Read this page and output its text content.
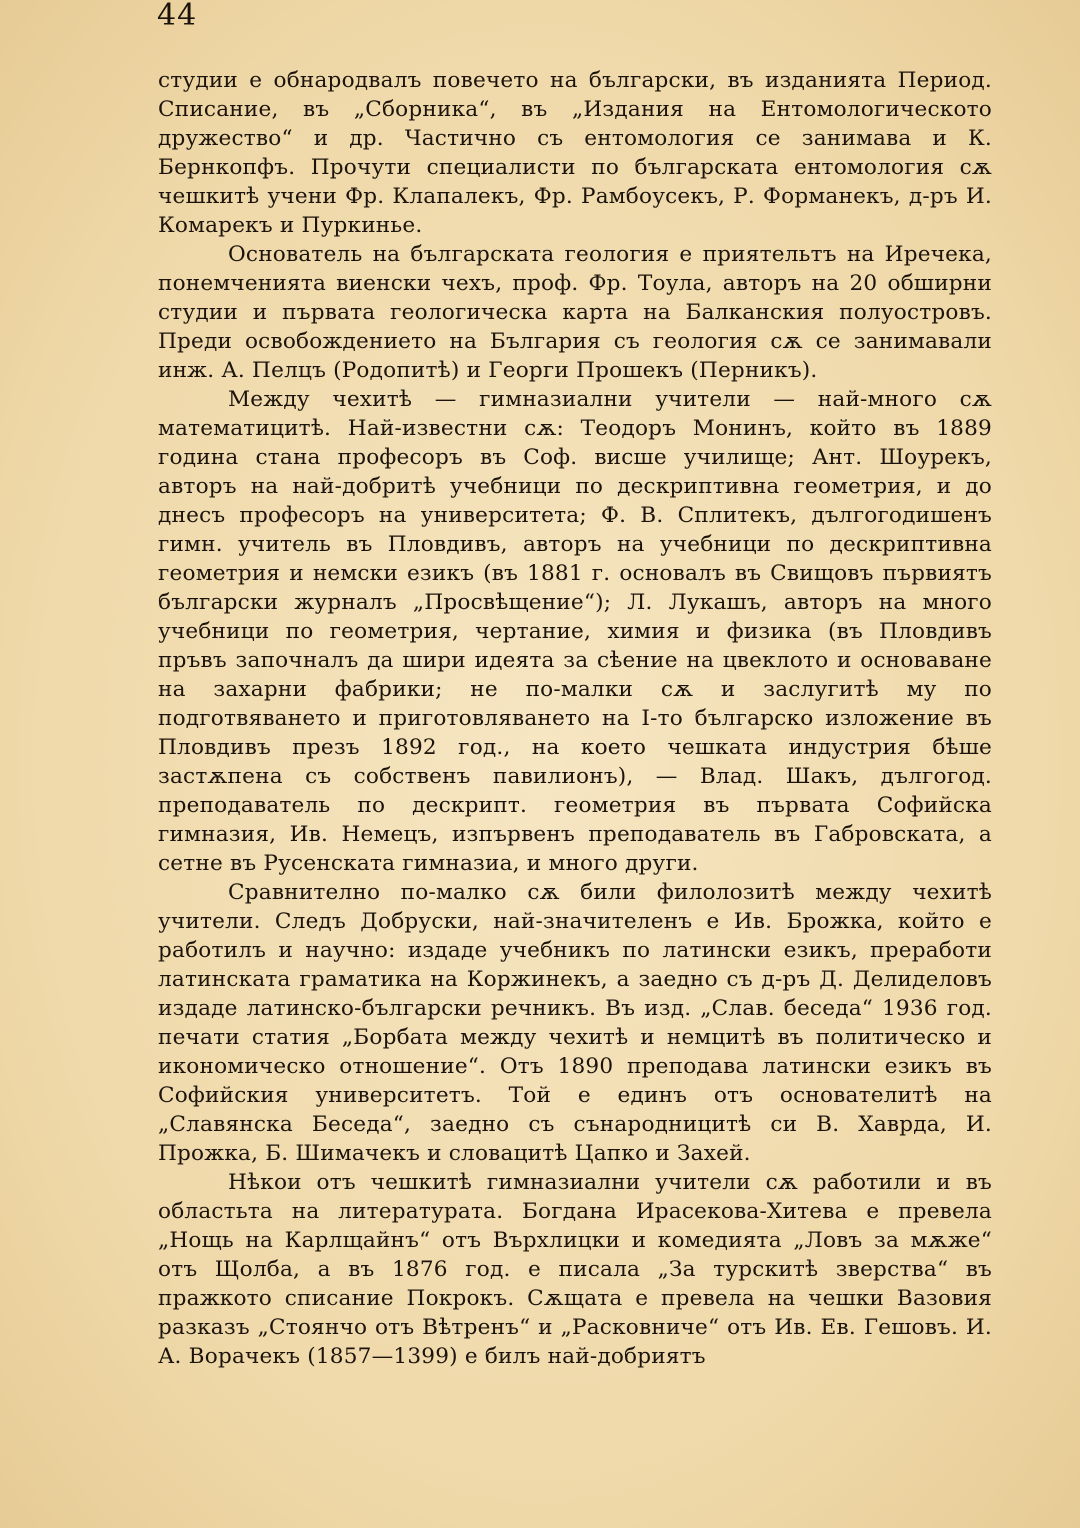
44

студии е обнародвалъ повечето на български, въ изданията Период. Списание, въ „Сборника“, въ „Издания на Ентомологическото дружество“ и др. Частично съ ентомология се занимава и К. Бернкопфъ. Прочути специалисти по българската ентомология сѫ чешкитѣ учени Фр. Клапалекъ, Фр. Рамбоусекъ, Р. Форманекъ, д-ръ И. Комарекъ и Пуркинье.

Основатель на българската геология е приятельтъ на Иречека, понемченията виенски чехъ, проф. Фр. Тоула, авторъ на 20 обширни студии и първата геологическа карта на Балканския полуостровъ. Преди освобождението на България съ геология сѫ се занимавали инж. А. Пелцъ (Родопитѣ) и Георги Прошекъ (Перникъ).

Между чехитѣ — гимназиални учители — най-много сѫ математицитѣ. Най-известни сѫ: Теодоръ Монинъ, който въ 1889 година стана професоръ въ Соф. висше училище; Ант. Шоурекъ, авторъ на най-добритѣ учебници по дескриптивна геометрия, и до днесъ професоръ на университета; Ф. В. Сплитекъ, дългогодишенъ гимн. учитель въ Пловдивъ, авторъ на учебници по дескриптивна геометрия и немски езикъ (въ 1881 г. основалъ въ Свищовъ първиятъ български журналъ „Просвѣщение“); Л. Лукашъ, авторъ на много учебници по геометрия, чертание, химия и физика (въ Пловдивъ пръвъ започналъ да шири идеята за сѣение на цвеклото и основаване на захарни фабрики; не по-малки сѫ и заслугитѣ му по подготвяването и приготовляването на I-то българско изложение въ Пловдивъ презъ 1892 год., на което чешката индустрия бѣше застѫпена съ собственъ павилионъ), — Влад. Шакъ, дългогод. преподаватель по дескрипт. геометрия въ първата Софийска гимназия, Ив. Немецъ, изпървенъ преподаватель въ Габровската, а сетне въ Русенската гимназиа, и много други.

Сравнително по-малко сѫ били филолозитѣ между чехитѣ учители. Следъ Добруски, най-значителенъ е Ив. Брожка, който е работилъ и научно: издаде учебникъ по латински езикъ, преработи латинската граматика на Коржинекъ, а заедно съ д-ръ Д. Делиделовъ издаде латинско-български речникъ. Въ изд. „Слав. беседа“ 1936 год. печати статия „Борбата между чехитѣ и немцитѣ въ политическо и икономическо отношение“. Отъ 1890 преподава латински езикъ въ Софийския университетъ. Той е единъ отъ основателитѣ на „Славянска Беседа“, заедно съ сънародницитѣ си В. Хаврда, И. Прожка, Б. Шимачекъ и словацитѣ Цапко и Захей.

Нѣкои отъ чешкитѣ гимназиални учители сѫ работили и въ областьта на литературата. Богдана Ирасекова-Хитева е превела „Нощь на Карлщайнъ“ отъ Върхлицки и комедията „Ловъ за мѫже“ отъ Щолба, а въ 1876 год. е писала „За турскитѣ зверства“ въ пражкото списание Покрокъ. Сѫщата е превела на чешки Вазовия разказъ „Стоянчо отъ Вѣтренъ“ и „Расковниче“ отъ Ив. Ев. Гешовъ. И. А. Ворачекъ (1857—1399) е билъ най-добриятъ
